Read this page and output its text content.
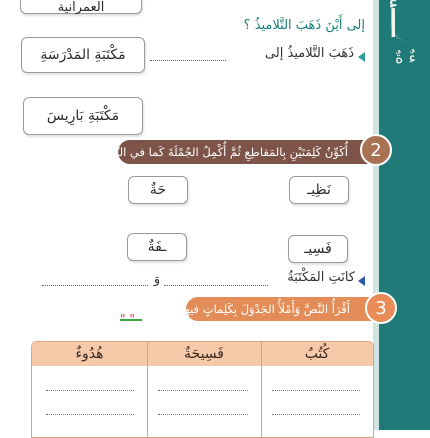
أَ
ءٌ ةٌ
العمرانية
إلى أَيْنَ ذَهَبَ التَّلاميذُ ؟
ذَهَبَ التَّلاميذُ إلى
مَكْتَبَةِ المَدْرَسَةِ
مَكْتَبَةِ بَارِيسَ
أُكَوِّنُ كَلِمَتَيْنِ بِالمَقاطِعِ ثُمَّ أُكْمِلُ الجُمْلَةَ كَما في النَّصِّ 2
نَظِيـ
حَةٌ
فَسِيـ
ـفَةٌ
كانَتِ المَكْتَبَةُ
وَ
" "
أَقْرَأُ النَّصَّ وَأَمْلَأُ الجَدْوَلَ بِكَلِماتٍ فيها 3
كُتُبٌ
فَسِيحَةٌ
هُدُوءٌ
